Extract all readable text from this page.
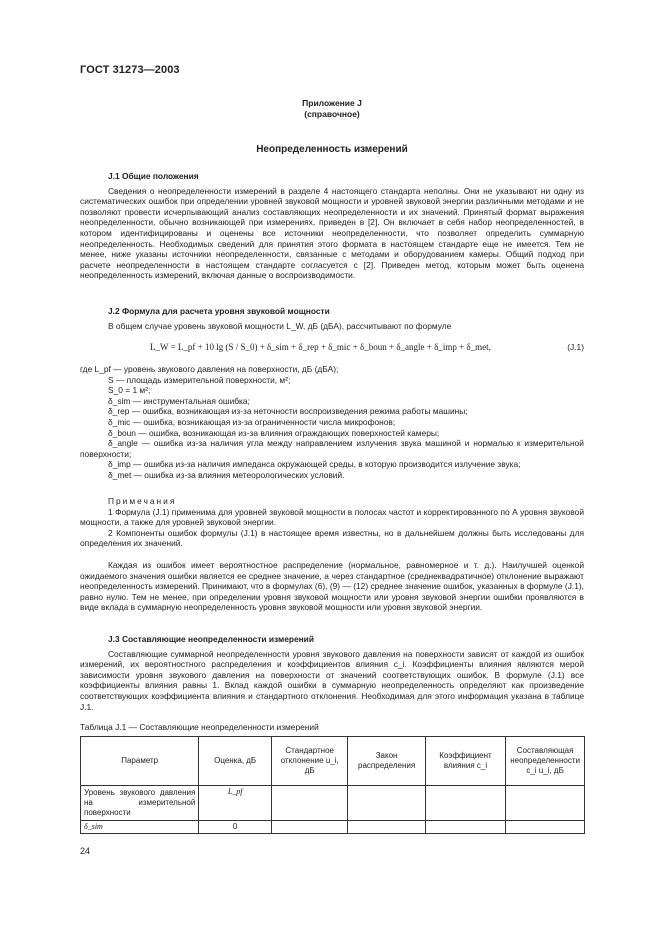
ГОСТ 31273—2003
Приложение J
(справочное)
Неопределенность измерений

J.1 Общие положения

Сведения о неопределенности измерений в разделе 4 настоящего стандарта неполны. Они не указывают ни одну из систематических ошибок при определении уровней звуковой мощности и уровней звуковой энергии различными методами и не позволяют провести исчерпывающий анализ составляющих неопределенности и их значений. Принятый формат выражения неопределенности, обычно возникающей при измерениях, приведен в [2]. Он включает в себя набор неопределенностей, в котором идентифицированы и оценены все источники неопределенности, что позволяет определить суммарную неопределенность. Необходимых сведений для принятия этого формата в настоящем стандарте еще не имеется. Тем не менее, ниже указаны источники неопределенности, связанные с методами и оборудованием камеры. Общий подход при расчете неопределенности в настоящем стандарте согласуется с [2]. Приведен метод, которым может быть оценена неопределенность измерений, включая данные о воспроизводимости.

J.2 Формула для расчета уровня звуковой мощности

В общем случае уровень звуковой мощности L_W, дБ (дБА), рассчитывают по формуле

L_W = L_pf + 10 lg (S / S_0) + δ_sim + δ_rep + δ_mic + δ_boun + δ_angle + δ_imp + δ_met,	(J.1)

где L_pf — уровень звукового давления на поверхности, дБ (дБА);

S — площадь измерительной поверхности, м²;

S_0 = 1 м²;

δ_sim — инструментальная ошибка;

δ_rep — ошибка, возникающая из-за неточности воспроизведения режима работы машины;

δ_mic — ошибка, возникающая из-за ограниченности числа микрофонов;

δ_boun — ошибка, возникающая из-за влияния ограждающих поверхностей камеры;

δ_angle — ошибка из-за наличия угла между направлением излучения звука машиной и нормалью к измерительной поверхности;

δ_imp — ошибка из-за наличия импеданса окружающей среды, в которую производится излучение звука;

δ_met — ошибка из-за влияния метеорологических условий.

Примечания

1 Формула (J.1) применима для уровней звуковой мощности в полосах частот и корректированного по А уровня звуковой мощности, а также для уровней звуковой энергии.

2 Компоненты ошибок формулы (J.1) в настоящее время известны, но в дальнейшем должны быть исследованы для определения их значений.

Каждая из ошибок имеет вероятностное распределение (нормальное, равномерное и т. д.). Наилучшей оценкой ожидаемого значения ошибки является ее среднее значение, а через стандартное (среднеквадратичное) отклонение выражают неопределенность измерений. Принимают, что в формулах (6), (9) — (12) среднее значение ошибок, указанных в формуле (J.1), равно нулю. Тем не менее, при определении уровня звуковой мощности или уровня звуковой энергии ошибки проявляются в виде вклада в суммарную неопределенность уровня звуковой мощности или уровня звуковой энергии.

J.3 Составляющие неопределенности измерений

Составляющие суммарной неопределенности уровня звукового давления на поверхности зависят от каждой из ошибок измерений, их вероятностного распределения и коэффициентов влияния c_i. Коэффициенты влияния являются мерой зависимости уровня звукового давления на поверхности от значений соответствующих ошибок. В формуле (J.1) все коэффициенты влияния равны 1. Вклад каждой ошибки в суммарную неопределенность определяют как произведение соответствующих коэффициента влияния и стандартного отклонения. Необходимая для этого информация указана в таблице J.1.

Таблица J.1 — Составляющие неопределенности измерений
Параметр	Оценка, дБ	Стандартное отклонение u_i, дБ	Закон распределения	Коэффициент влияния c_i	Составляющая неопределенности c_i u_i, дБ
Уровень звукового давления на измерительной поверхности	L_pf				
δ_sim	0				
24
